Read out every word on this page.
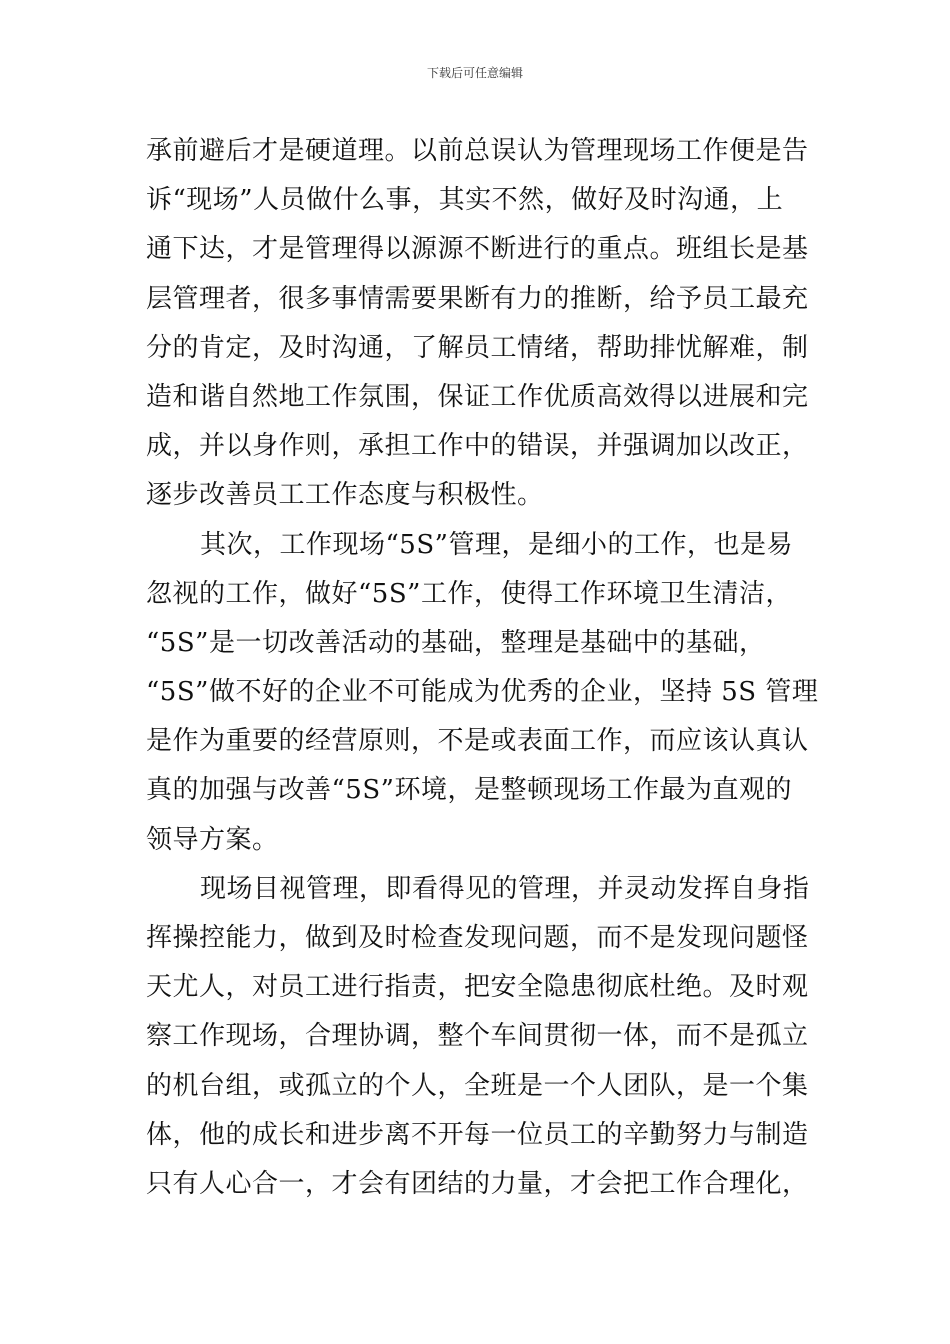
下载后可任意编辑
承前避后才是硬道理。以前总误认为管理现场工作便是告
诉“现场”人员做什么事，其实不然，做好及时沟通，上
通下达，才是管理得以源源不断进行的重点。班组长是基
层管理者，很多事情需要果断有力的推断，给予员工最充
分的肯定，及时沟通，了解员工情绪，帮助排忧解难，制
造和谐自然地工作氛围，保证工作优质高效得以进展和完
成，并以身作则，承担工作中的错误，并强调加以改正，
逐步改善员工工作态度与积极性。
其次，工作现场“5S”管理，是细小的工作，也是易
忽视的工作，做好“5S”工作，使得工作环境卫生清洁，
“5S”是一切改善活动的基础，整理是基础中的基础，
“5S”做不好的企业不可能成为优秀的企业，坚持 5S 管理
是作为重要的经营原则，不是或表面工作，而应该认真认
真的加强与改善“5S”环境，是整顿现场工作最为直观的
领导方案。
现场目视管理，即看得见的管理，并灵动发挥自身指
挥操控能力，做到及时检查发现问题，而不是发现问题怪
天尤人，对员工进行指责，把安全隐患彻底杜绝。及时观
察工作现场，合理协调，整个车间贯彻一体，而不是孤立
的机台组，或孤立的个人，全班是一个人团队，是一个集
体，他的成长和进步离不开每一位员工的辛勤努力与制造
只有人心合一，才会有团结的力量，才会把工作合理化，
